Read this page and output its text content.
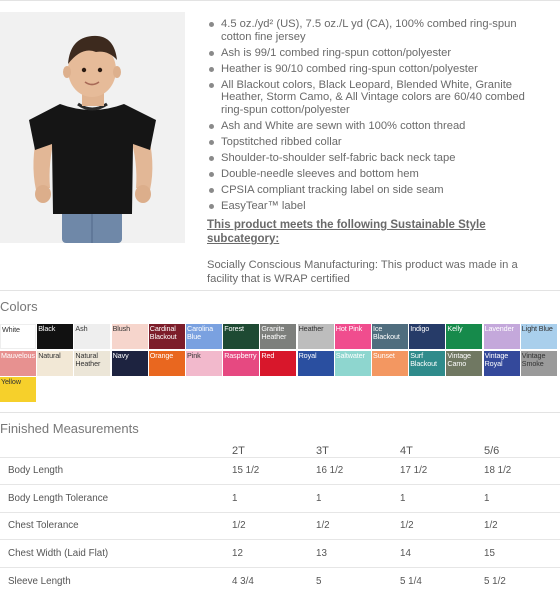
4.5 oz./yd² (US), 7.5 oz./L yd (CA), 100% combed ring-spun cotton fine jersey
Ash is 99/1 combed ring-spun cotton/polyester
Heather is 90/10 combed ring-spun cotton/polyester
All Blackout colors, Black Leopard, Blended White, Granite Heather, Storm Camo, & All Vintage colors are 60/40 combed ring-spun cotton/polyester
Ash and White are sewn with 100% cotton thread
Topstitched ribbed collar
Shoulder-to-shoulder self-fabric back neck tape
Double-needle sleeves and bottom hem
CPSIA compliant tracking label on side seam
EasyTear™ label
This product meets the following Sustainable Style subcategory:

Socially Conscious Manufacturing: This product was made in a facility that is WRAP certified

Colors
White	Black	Ash	Blush	Cardinal Blackout
Carolina Blue
Forest	Granite Heather
Heather	Hot Pink	Ice Blackout
Indigo	Kelly	Lavender	Light Blue
Mauvelous Natural	Natural Heather
Navy	Orange	Pink	Raspberry Red	Royal	Saltwater	Sunset	Surf Blackout
Vintage Camo
Vintage Royal
Vintage Smoke
Yellow
Finished Measurements
	2T	3T	4T	5/6
Body Length	15 1/2	16 1/2	17 1/2	18 1/2
Body Length Tolerance	1	1	1	1
Chest Tolerance	1/2	1/2	1/2	1/2
Chest Width (Laid Flat)	12	13	14	15
Sleeve Length	4 3/4	5	5 1/4	5 1/2
